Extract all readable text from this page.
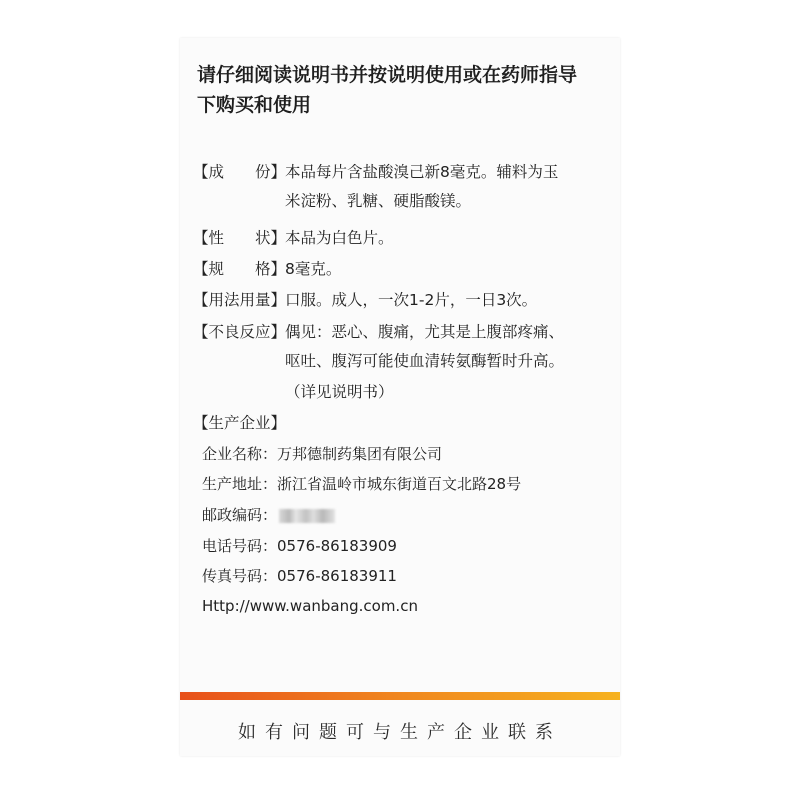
请仔细阅读说明书并按说明使用或在药师指导
下购买和使用
【成　　份】本品每片含盐酸溴己新8毫克。辅料为玉
米淀粉、乳糖、硬脂酸镁。
【性　　状】本品为白色片。
【规　　格】8毫克。
【用法用量】口服。成人，一次1-2片，一日3次。
【不良反应】偶见：恶心、腹痛，尤其是上腹部疼痛、
呕吐、腹泻可能使血清转氨酶暂时升高。
（详见说明书）
【生产企业】
企业名称：万邦德制药集团有限公司
生产地址：浙江省温岭市城东街道百文北路28号
邮政编码：
电话号码：0576-86183909
传真号码：0576-86183911
Http://www.wanbang.com.cn
如有问题可与生产企业联系
